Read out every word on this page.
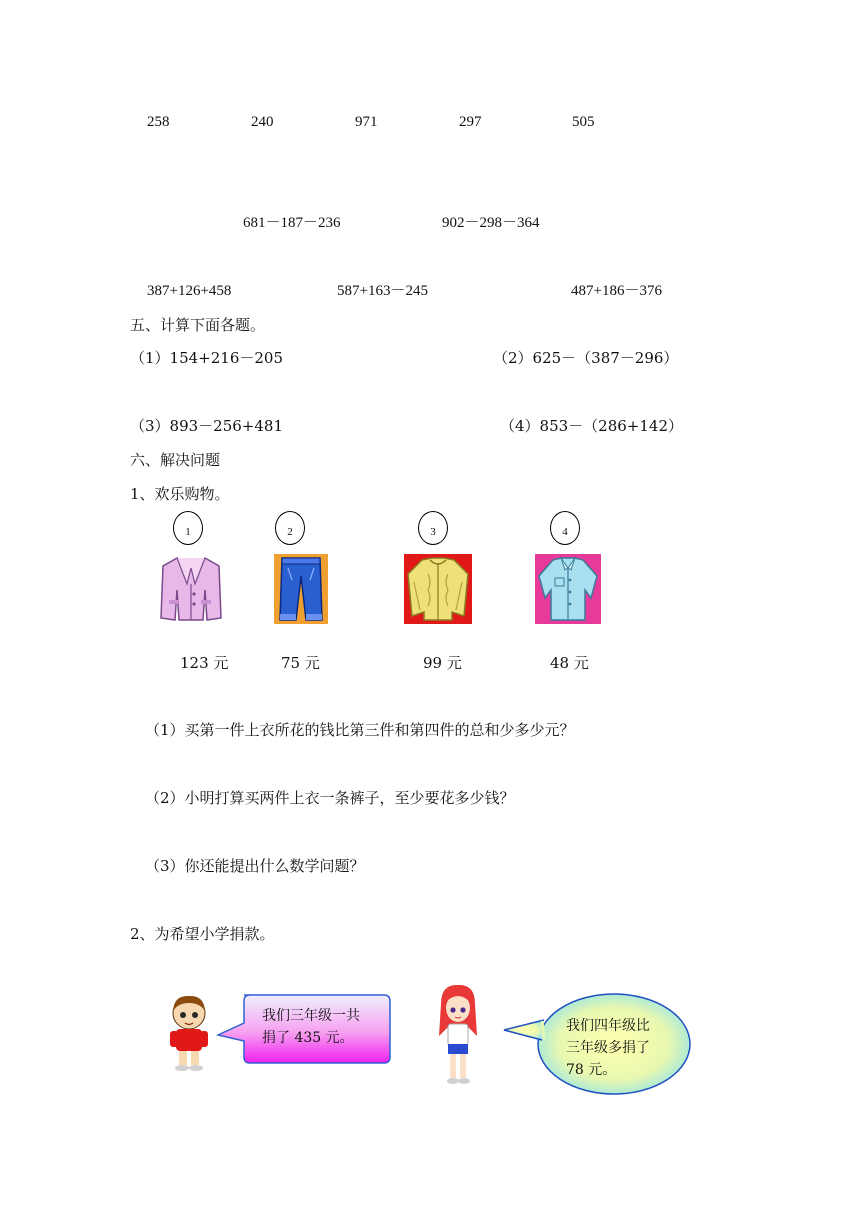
258	240	971	297	505
681－187－236	902－298－364
387+126+458	587+163－245	487+186－376
五、计算下面各题。
（1）154+216－205	（2）625－（387－296）
（3）893－256+481	（4）853－（286+142）
六、解决问题
1、欢乐购物。
1	2	3	4
123 元	75 元	99 元	48 元
（1）买第一件上衣所花的钱比第三件和第四件的总和少多少元？
（2）小明打算买两件上衣一条裤子，至少要花多少钱？
（3）你还能提出什么数学问题？
2、为希望小学捐款。
我们三年级一共
捐了 435 元。
我们四年级比
三年级多捐了
78 元。
